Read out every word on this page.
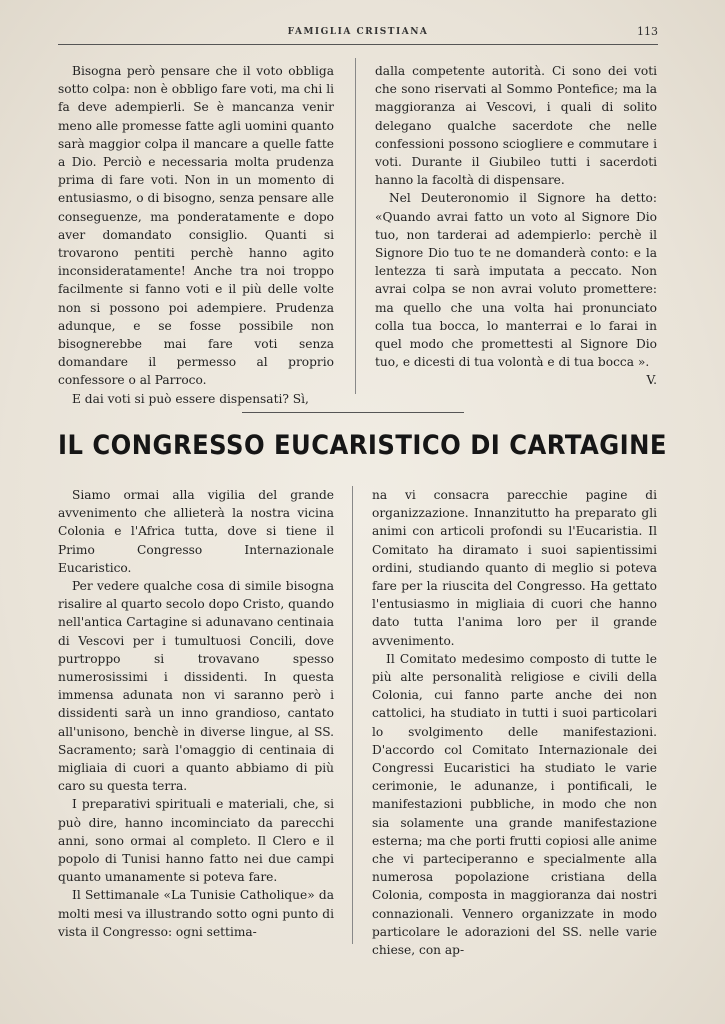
FAMIGLIA CRISTIANA	113

Bisogna però pensare che il voto obbligа sotto colpa: non è obbligo fare voti, ma chi li fa deve adempierli. Se è mancanza venir meno alle promesse fatte agli uomini quanto sarà maggior colpa il mancare a quelle fatte a Dio. Perciò e necessaria molta prudenza prima di fare voti. Non in un momento di entusiasmo, o di bisogno, senza pensare alle conseguenze, ma ponderatamente e dopo aver domandato consiglio. Quanti si trovarono pentiti perchè hanno agito inconsideratamente! Anche tra noi troppo facilmente si fanno voti e il più delle volte non si possono poi adempiere. Prudenza adunque, e se fosse possibile non bisognerebbe mai fare voti senza domandare il permesso al proprio confessore o al Parroco.

E dai voti si può essere dispensati? Sì,

dalla competente autorità. Ci sono dei voti che sono riservati al Sommo Pontefice; ma la maggioranza ai Vescovi, i quali di solito delegano qualche sacerdote che nelle confessioni possono sciogliere e commutare i voti. Durante il Giubileo tutti i sacerdoti hanno la facoltà di dispensare.

Nel Deuteronomio il Signore ha detto: «Quando avrai fatto un voto al Signore Dio tuo, non tarderai ad adempierlo: perchè il Signore Dio tuo te ne domanderà conto: e la lentezza ti sarà imputata a peccato. Non avrai colpa se non avrai voluto promettere: ma quello che una volta hai pronunciato colla tua bocca, lo manterrai e lo farai in quel modo che promettesti al Signore Dio tuo, e dicesti di tua volontà e di tua bocca ».

V.

IL CONGRESSO EUCARISTICO DI CARTAGINE

Siamo ormai alla vigilia del grande avvenimento che allieterà la nostra vicina Colonia e l'Africa tutta, dove si tiene il Primo Congresso Internazionale Eucaristico.

Per vedere qualche cosa di simile bisogna risalire al quarto secolo dopo Cristo, quando nell'antica Cartagine si adunavano centinaia di Vescovi per i tumultuosi Concili, dove purtroppo si trovavano spesso numerosissimi i dissidenti. In questa immensa adunata non vi saranno però i dissidenti sarà un inno grandioso, cantato all'unisono, benchè in diverse lingue, al SS. Sacramento; sarà l'omaggio di centinaia di migliaia di cuori a quanto abbiamo di più caro su questa terra.

I preparativi spirituali e materiali, che, si può dire, hanno incominciato da parecchi anni, sono ormai al completo. Il Clero e il popolo di Tunisi hanno fatto nei due campi quanto umanamente si poteva fare.

Il Settimanale «La Tunisie Catholique» da molti mesi va illustrando sotto ogni punto di vista il Congresso: ogni settima-

na vi consacra parecchie pagine di organizzazione. Innanzitutto ha preparato gli animi con articoli profondi su l'Eucaristia. Il Comitato ha diramato i suoi sapientissimi ordini, studiando quanto di meglio si poteva fare per la riuscita del Congresso. Ha gettato l'entusiasmo in migliaia di cuori che hanno dato tutta l'anima loro per il grande avvenimento.

Il Comitato medesimo composto di tutte le più alte personalità religiose e civili della Colonia, cui fanno parte anche dei non cattolici, ha studiato in tutti i suoi particolari lo svolgimento delle manifestazioni. D'accordo col Comitato Internazionale dei Congressi Eucaristici ha studiato le varie cerimonie, le adunanze, i pontificali, le manifestazioni pubbliche, in modo che non sia solamente una grande manifestazione esterna; ma che porti frutti copiosi alle anime che vi parteciperanno e specialmente alla numerosa popolazione cristiana della Colonia, composta in maggioranza dai nostri connazionali. Vennero organizzate in modo particolare le adorazioni del SS. nelle varie chiese, con ap-
